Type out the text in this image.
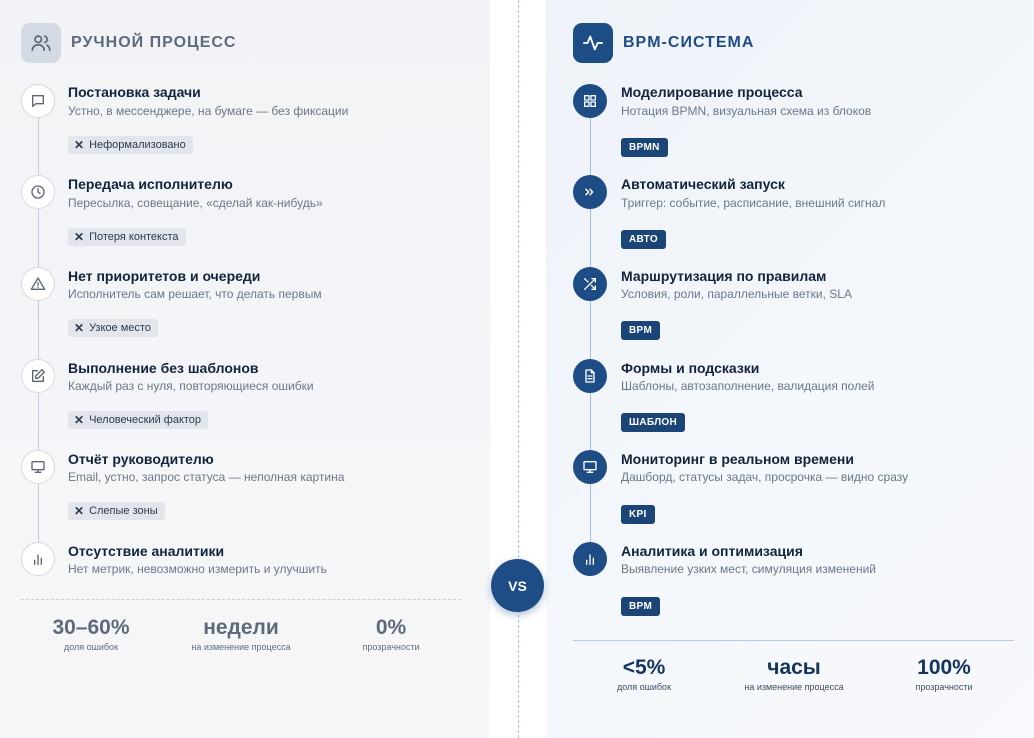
РУЧНОЙ ПРОЦЕСС	BPM-СИСТЕМА
Постановка задачи
Устно, в мессенджере, на бумаге — без фиксации
✕ Неформализовано
Передача исполнителю
Пересылка, совещание, «сделай как-нибудь»
✕ Потеря контекста
Нет приоритетов и очереди
Исполнитель сам решает, что делать первым
✕ Узкое место
Выполнение без шаблонов
Каждый раз с нуля, повторяющиеся ошибки
✕ Человеческий фактор
Отчёт руководителю
Email, устно, запрос статуса — неполная картина
✕ Слепые зоны
Отсутствие аналитики
Нет метрик, невозможно измерить и улучшить
30–60%
доля ошибок
недели
на изменение процесса
0%
прозрачности
Моделирование процесса
Нотация BPMN, визуальная схема из блоков
BPMN
Автоматический запуск
Триггер: событие, расписание, внешний сигнал
АВТО
Маршрутизация по правилам
Условия, роли, параллельные ветки, SLA
BPM
Формы и подсказки
Шаблоны, автозаполнение, валидация полей
ШАБЛОН
Мониторинг в реальном времени
Дашборд, статусы задач, просрочка — видно сразу
KPI
Аналитика и оптимизация
Выявление узких мест, симуляция изменений
BPM
<5%
доля ошибок
часы
на изменение процесса
100%
прозрачности
VS
